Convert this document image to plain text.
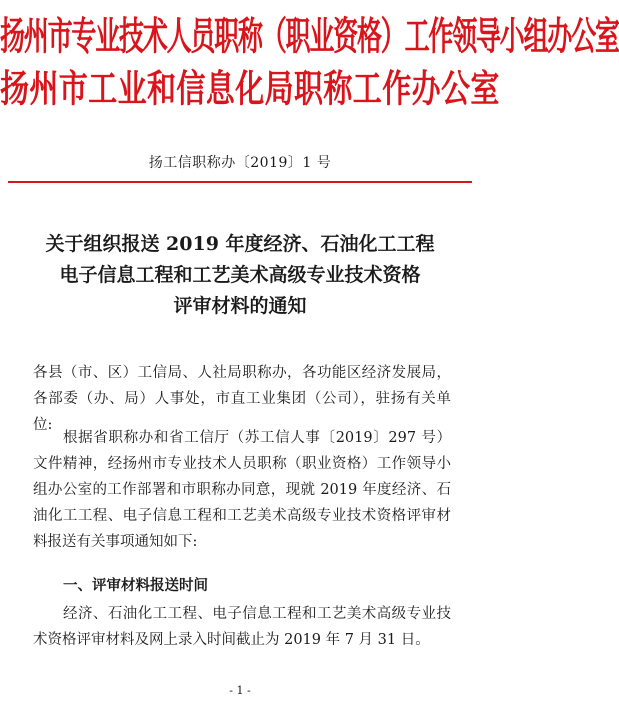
扬州市专业技术人员职称（职业资格）工作领导小组办公室
扬州市工业和信息化局职称工作办公室
扬工信职称办〔2019〕1 号
关于组织报送 2019 年度经济、石油化工工程
电子信息工程和工艺美术高级专业技术资格
评审材料的通知
各县（市、区）工信局、人社局职称办，各功能区经济发展局，各部委（办、局）人事处，市直工业集团（公司），驻扬有关单位:
根据省职称办和省工信厅（苏工信人事〔2019〕297 号）文件精神，经扬州市专业技术人员职称（职业资格）工作领导小组办公室的工作部署和市职称办同意，现就 2019 年度经济、石油化工工程、电子信息工程和工艺美术高级专业技术资格评审材料报送有关事项通知如下:
一、评审材料报送时间
经济、石油化工工程、电子信息工程和工艺美术高级专业技术资格评审材料及网上录入时间截止为 2019 年 7 月 31 日。
- 1 -
